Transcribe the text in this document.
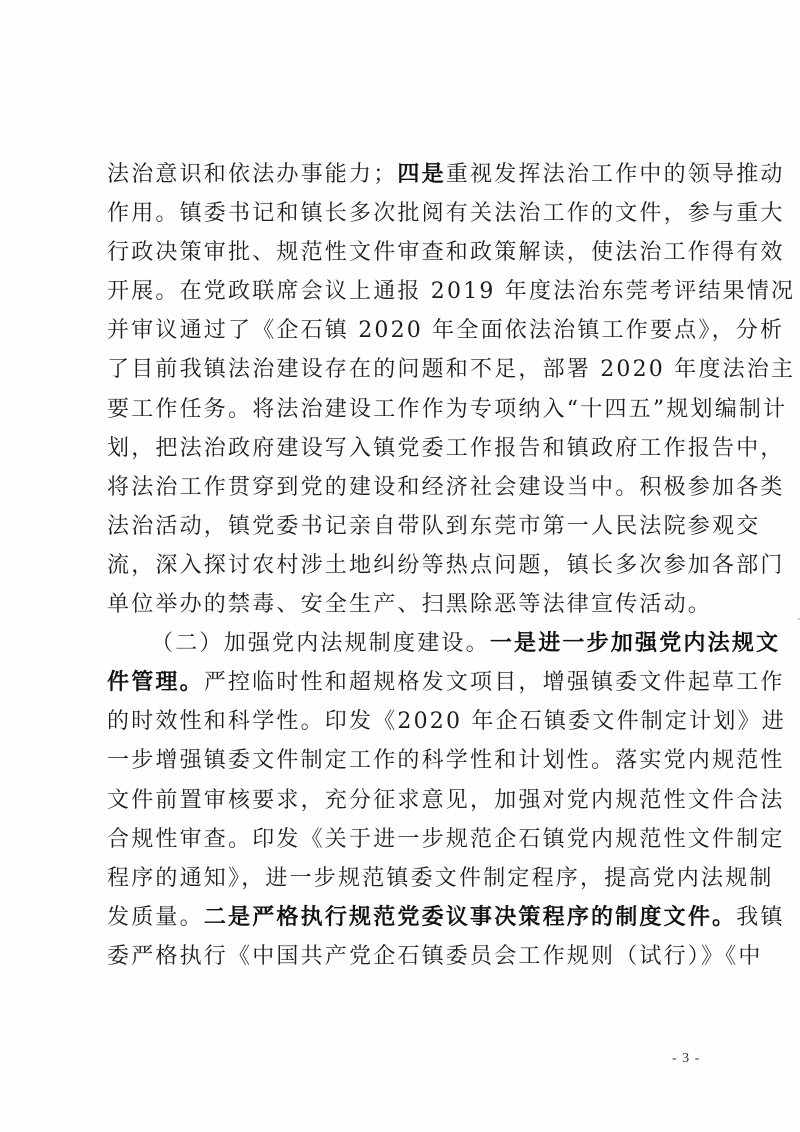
法治意识和依法办事能力；四是重视发挥法治工作中的领导推动
作用。镇委书记和镇长多次批阅有关法治工作的文件，参与重大
行政决策审批、规范性文件审查和政策解读，使法治工作得有效
开展。在党政联席会议上通报 2019 年度法治东莞考评结果情况
并审议通过了《企石镇 2020 年全面依法治镇工作要点》，分析
了目前我镇法治建设存在的问题和不足，部署 2020 年度法治主
要工作任务。将法治建设工作作为专项纳入“十四五”规划编制计
划，把法治政府建设写入镇党委工作报告和镇政府工作报告中，
将法治工作贯穿到党的建设和经济社会建设当中。积极参加各类
法治活动，镇党委书记亲自带队到东莞市第一人民法院参观交
流，深入探讨农村涉土地纠纷等热点问题，镇长多次参加各部门
单位举办的禁毒、安全生产、扫黑除恶等法律宣传活动。
（二）加强党内法规制度建设。一是进一步加强党内法规文
件管理。严控临时性和超规格发文项目，增强镇委文件起草工作
的时效性和科学性。印发《2020 年企石镇委文件制定计划》进
一步增强镇委文件制定工作的科学性和计划性。落实党内规范性
文件前置审核要求，充分征求意见，加强对党内规范性文件合法
合规性审查。印发《关于进一步规范企石镇党内规范性文件制定
程序的通知》，进一步规范镇委文件制定程序，提高党内法规制
发质量。二是严格执行规范党委议事决策程序的制度文件。我镇
委严格执行《中国共产党企石镇委员会工作规则（试行）》《中
- 3 -
